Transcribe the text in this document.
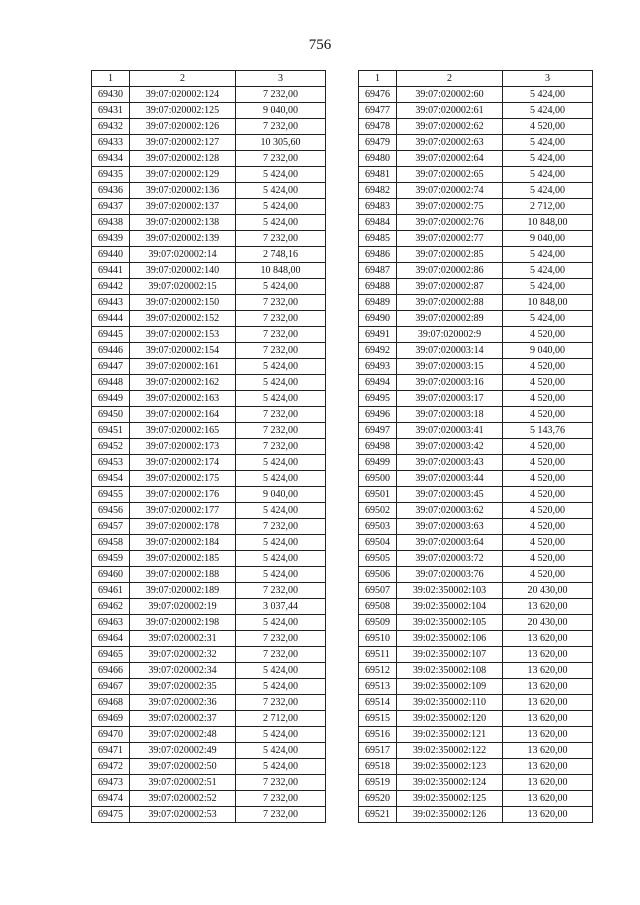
756
1	2	3
69430	39:07:020002:124	7 232,00
69431	39:07:020002:125	9 040,00
69432	39:07:020002:126	7 232,00
69433	39:07:020002:127	10 305,60
69434	39:07:020002:128	7 232,00
69435	39:07:020002:129	5 424,00
69436	39:07:020002:136	5 424,00
69437	39:07:020002:137	5 424,00
69438	39:07:020002:138	5 424,00
69439	39:07:020002:139	7 232,00
69440	39:07:020002:14	2 748,16
69441	39:07:020002:140	10 848,00
69442	39:07:020002:15	5 424,00
69443	39:07:020002:150	7 232,00
69444	39:07:020002:152	7 232,00
69445	39:07:020002:153	7 232,00
69446	39:07:020002:154	7 232,00
69447	39:07:020002:161	5 424,00
69448	39:07:020002:162	5 424,00
69449	39:07:020002:163	5 424,00
69450	39:07:020002:164	7 232,00
69451	39:07:020002:165	7 232,00
69452	39:07:020002:173	7 232,00
69453	39:07:020002:174	5 424,00
69454	39:07:020002:175	5 424,00
69455	39:07:020002:176	9 040,00
69456	39:07:020002:177	5 424,00
69457	39:07:020002:178	7 232,00
69458	39:07:020002:184	5 424,00
69459	39:07:020002:185	5 424,00
69460	39:07:020002:188	5 424,00
69461	39:07:020002:189	7 232,00
69462	39:07:020002:19	3 037,44
69463	39:07:020002:198	5 424,00
69464	39:07:020002:31	7 232,00
69465	39:07:020002:32	7 232,00
69466	39:07:020002:34	5 424,00
69467	39:07:020002:35	5 424,00
69468	39:07:020002:36	7 232,00
69469	39:07:020002:37	2 712,00
69470	39:07:020002:48	5 424,00
69471	39:07:020002:49	5 424,00
69472	39:07:020002:50	5 424,00
69473	39:07:020002:51	7 232,00
69474	39:07:020002:52	7 232,00
69475	39:07:020002:53	7 232,00
1	2	3
69476	39:07:020002:60	5 424,00
69477	39:07:020002:61	5 424,00
69478	39:07:020002:62	4 520,00
69479	39:07:020002:63	5 424,00
69480	39:07:020002:64	5 424,00
69481	39:07:020002:65	5 424,00
69482	39:07:020002:74	5 424,00
69483	39:07:020002:75	2 712,00
69484	39:07:020002:76	10 848,00
69485	39:07:020002:77	9 040,00
69486	39:07:020002:85	5 424,00
69487	39:07:020002:86	5 424,00
69488	39:07:020002:87	5 424,00
69489	39:07:020002:88	10 848,00
69490	39:07:020002:89	5 424,00
69491	39:07:020002:9	4 520,00
69492	39:07:020003:14	9 040,00
69493	39:07:020003:15	4 520,00
69494	39:07:020003:16	4 520,00
69495	39:07:020003:17	4 520,00
69496	39:07:020003:18	4 520,00
69497	39:07:020003:41	5 143,76
69498	39:07:020003:42	4 520,00
69499	39:07:020003:43	4 520,00
69500	39:07:020003:44	4 520,00
69501	39:07:020003:45	4 520,00
69502	39:07:020003:62	4 520,00
69503	39:07:020003:63	4 520,00
69504	39:07:020003:64	4 520,00
69505	39:07:020003:72	4 520,00
69506	39:07:020003:76	4 520,00
69507	39:02:350002:103	20 430,00
69508	39:02:350002:104	13 620,00
69509	39:02:350002:105	20 430,00
69510	39:02:350002:106	13 620,00
69511	39:02:350002:107	13 620,00
69512	39:02:350002:108	13 620,00
69513	39:02:350002:109	13 620,00
69514	39:02:350002:110	13 620,00
69515	39:02:350002:120	13 620,00
69516	39:02:350002:121	13 620,00
69517	39:02:350002:122	13 620,00
69518	39:02:350002:123	13 620,00
69519	39:02:350002:124	13 620,00
69520	39:02:350002:125	13 620,00
69521	39:02:350002:126	13 620,00
